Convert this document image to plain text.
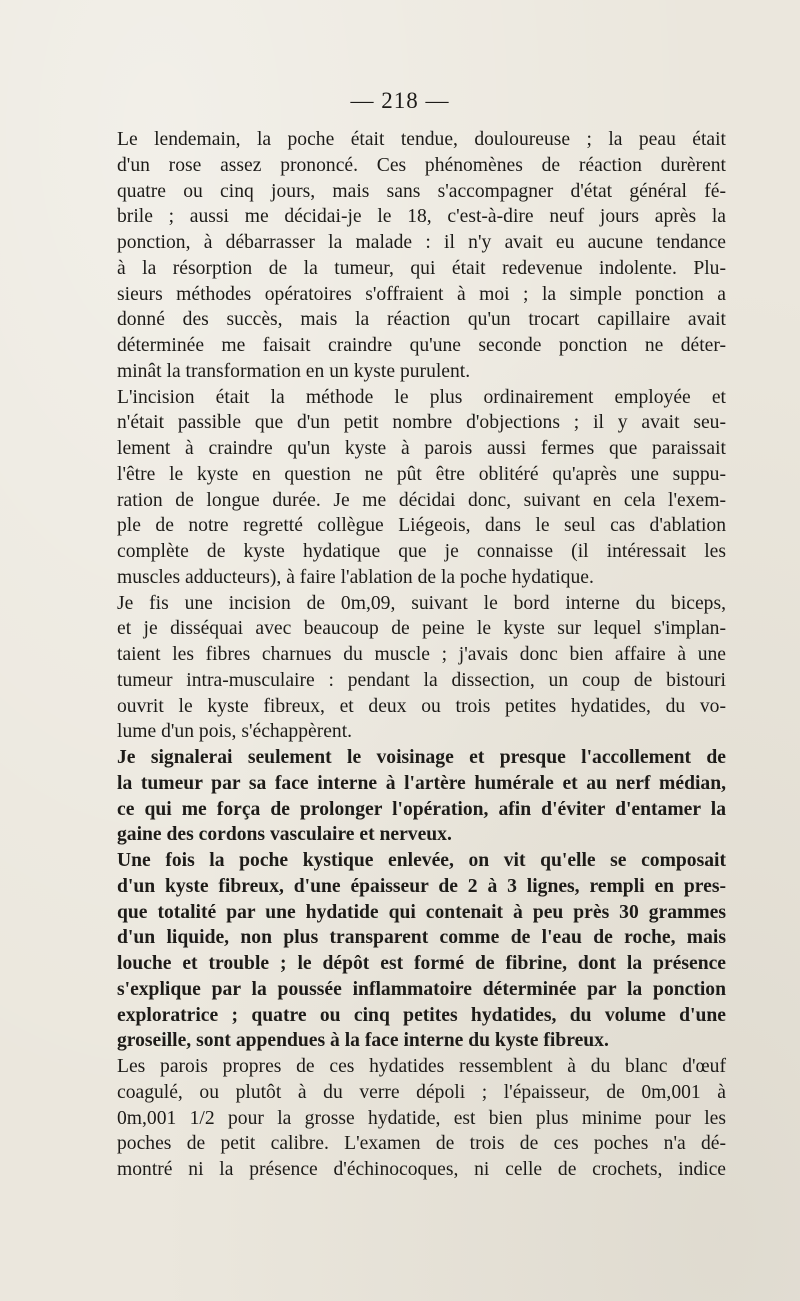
— 218 —

Le lendemain, la poche était tendue, douloureuse ; la peau était
d'un rose assez prononcé. Ces phénomènes de réaction durèrent
quatre ou cinq jours, mais sans s'accompagner d'état général fé-
brile ; aussi me décidai-je le 18, c'est-à-dire neuf jours après la
ponction, à débarrasser la malade : il n'y avait eu aucune tendance
à la résorption de la tumeur, qui était redevenue indolente. Plu-
sieurs méthodes opératoires s'offraient à moi ; la simple ponction a
donné des succès, mais la réaction qu'un trocart capillaire avait
déterminée me faisait craindre qu'une seconde ponction ne déter-
minât la transformation en un kyste purulent.

L'incision était la méthode le plus ordinairement employée et
n'était passible que d'un petit nombre d'objections ; il y avait seu-
lement à craindre qu'un kyste à parois aussi fermes que paraissait
l'être le kyste en question ne pût être oblitéré qu'après une suppu-
ration de longue durée. Je me décidai donc, suivant en cela l'exem-
ple de notre regretté collègue Liégeois, dans le seul cas d'ablation
complète de kyste hydatique que je connaisse (il intéressait les
muscles adducteurs), à faire l'ablation de la poche hydatique.

Je fis une incision de 0m,09, suivant le bord interne du biceps,
et je disséquai avec beaucoup de peine le kyste sur lequel s'implan-
taient les fibres charnues du muscle ; j'avais donc bien affaire à une
tumeur intra-musculaire : pendant la dissection, un coup de bistouri
ouvrit le kyste fibreux, et deux ou trois petites hydatides, du vo-
lume d'un pois, s'échappèrent.

Je signalerai seulement le voisinage et presque l'accollement de
la tumeur par sa face interne à l'artère humérale et au nerf médian,
ce qui me força de prolonger l'opération, afin d'éviter d'entamer la
gaine des cordons vasculaire et nerveux.

Une fois la poche kystique enlevée, on vit qu'elle se composait
d'un kyste fibreux, d'une épaisseur de 2 à 3 lignes, rempli en pres-
que totalité par une hydatide qui contenait à peu près 30 grammes
d'un liquide, non plus transparent comme de l'eau de roche, mais
louche et trouble ; le dépôt est formé de fibrine, dont la présence
s'explique par la poussée inflammatoire déterminée par la ponction
exploratrice ; quatre ou cinq petites hydatides, du volume d'une
groseille, sont appendues à la face interne du kyste fibreux.

Les parois propres de ces hydatides ressemblent à du blanc d'œuf
coagulé, ou plutôt à du verre dépoli ; l'épaisseur, de 0m,001 à
0m,001 1/2 pour la grosse hydatide, est bien plus minime pour les
poches de petit calibre. L'examen de trois de ces poches n'a dé-
montré ni la présence d'échinocoques, ni celle de crochets, indice
